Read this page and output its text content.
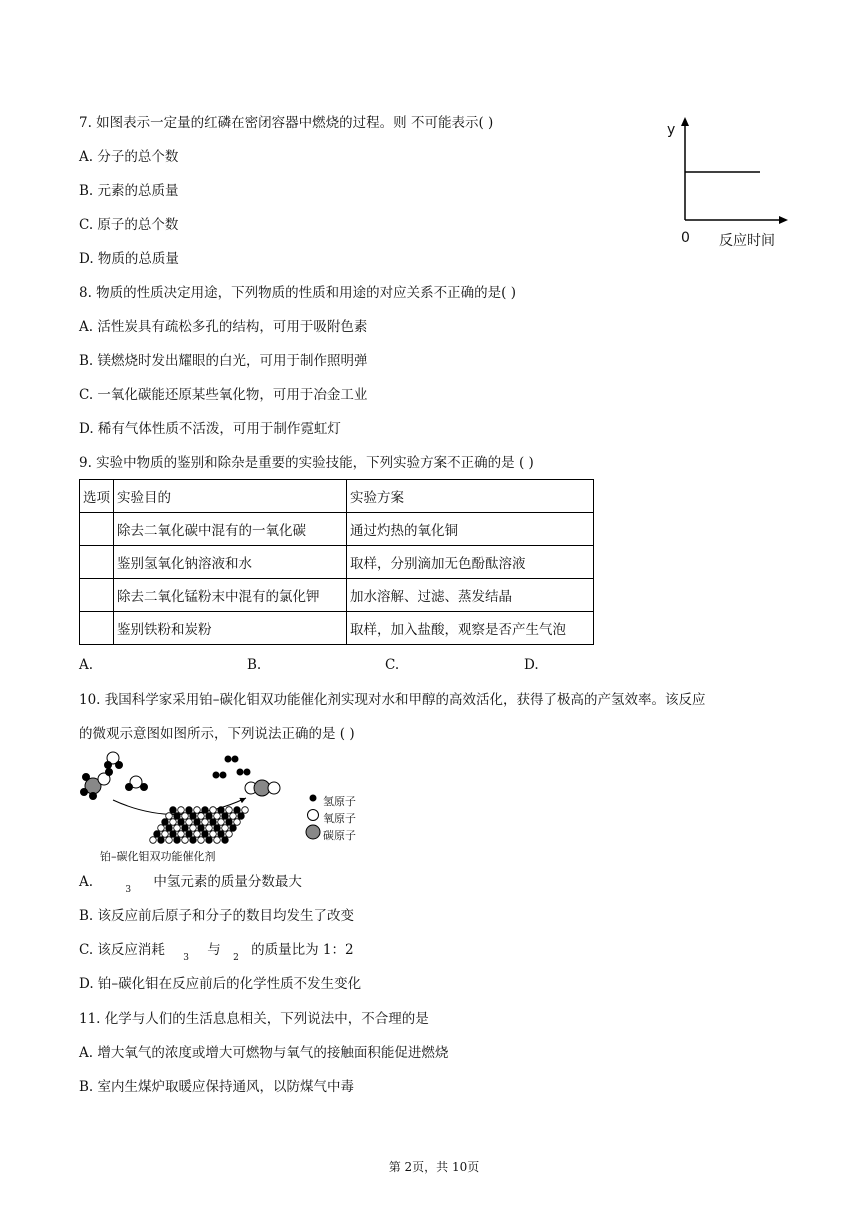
7. 如图表示一定量的红磷在密闭容器中燃烧的过程。则 不可能表示( )
A. 分子的总个数
B. 元素的总质量
C. 原子的总个数
D. 物质的总质量
y
0 反应时间
8. 物质的性质决定用途，下列物质的性质和用途的对应关系不正确的是( )
A. 活性炭具有疏松多孔的结构，可用于吸附色素
B. 镁燃烧时发出耀眼的白光，可用于制作照明弹
C. 一氧化碳能还原某些氧化物，可用于冶金工业
D. 稀有气体性质不活泼，可用于制作霓虹灯
9. 实验中物质的鉴别和除杂是重要的实验技能，下列实验方案不正确的是 ( )
选项	实验目的	实验方案
	除去二氧化碳中混有的一氧化碳	通过灼热的氧化铜
	鉴别氢氧化钠溶液和水	取样，分别滴加无色酚酞溶液
	除去二氧化锰粉末中混有的氯化钾	加水溶解、过滤、蒸发结晶
	鉴别铁粉和炭粉	取样，加入盐酸，观察是否产生气泡
A.	B.	C.	D.
10. 我国科学家采用铂–碳化钼双功能催化剂实现对水和甲醇的高效活化，获得了极高的产氢效率。该反应
的微观示意图如图所示，下列说法正确的是 ( )
氢原子
氧原子
碳原子
铂–碳化钼双功能催化剂
A.	$_3$ 中氢元素的质量分数最大
B. 该反应前后原子和分子的数目均发生了改变
C. 该反应消耗 $_3$ 与 $_2$ 的质量比为 1：2
D. 铂–碳化钼在反应前后的化学性质不发生变化
11. 化学与人们的生活息息相关，下列说法中，不合理的是
A. 增大氧气的浓度或增大可燃物与氧气的接触面积能促进燃烧
B. 室内生煤炉取暖应保持通风，以防煤气中毒
第 2页，共 10页
